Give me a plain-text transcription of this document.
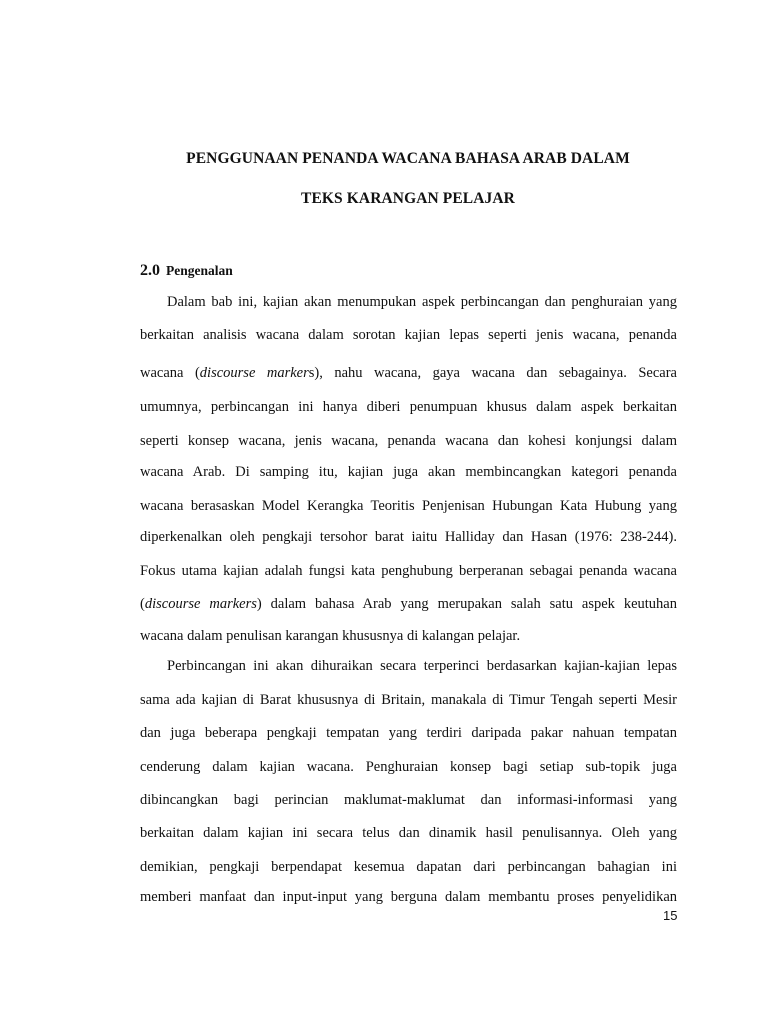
PENGGUNAAN PENANDA WACANA BAHASA ARAB DALAM
TEKS KARANGAN PELAJAR
2.0 Pengenalan
Dalam bab ini, kajian akan menumpukan aspek perbincangan dan penghuraian yang
berkaitan analisis wacana dalam sorotan kajian lepas seperti jenis wacana, penanda
wacana (discourse markers), nahu wacana, gaya wacana dan sebagainya. Secara
umumnya, perbincangan ini hanya diberi penumpuan khusus dalam aspek berkaitan
seperti konsep wacana, jenis wacana, penanda wacana dan kohesi konjungsi dalam
wacana Arab. Di samping itu, kajian juga akan membincangkan kategori penanda
wacana berasaskan Model Kerangka Teoritis Penjenisan Hubungan Kata Hubung yang
diperkenalkan oleh pengkaji tersohor barat iaitu Halliday dan Hasan (1976: 238-244).
Fokus utama kajian adalah fungsi kata penghubung berperanan sebagai penanda wacana
(discourse markers) dalam bahasa Arab yang merupakan salah satu aspek keutuhan
wacana dalam penulisan karangan khususnya di kalangan pelajar.
Perbincangan ini akan dihuraikan secara terperinci berdasarkan kajian-kajian lepas
sama ada kajian di Barat khususnya di Britain, manakala di Timur Tengah seperti Mesir
dan juga beberapa pengkaji tempatan yang terdiri daripada pakar nahuan tempatan
cenderung dalam kajian wacana. Penghuraian konsep bagi setiap sub-topik juga
dibincangkan bagi perincian maklumat-maklumat dan informasi-informasi yang
berkaitan dalam kajian ini secara telus dan dinamik hasil penulisannya. Oleh yang
demikian, pengkaji berpendapat kesemua dapatan dari perbincangan bahagian ini
memberi manfaat dan input-input yang berguna dalam membantu proses penyelidikan
15
